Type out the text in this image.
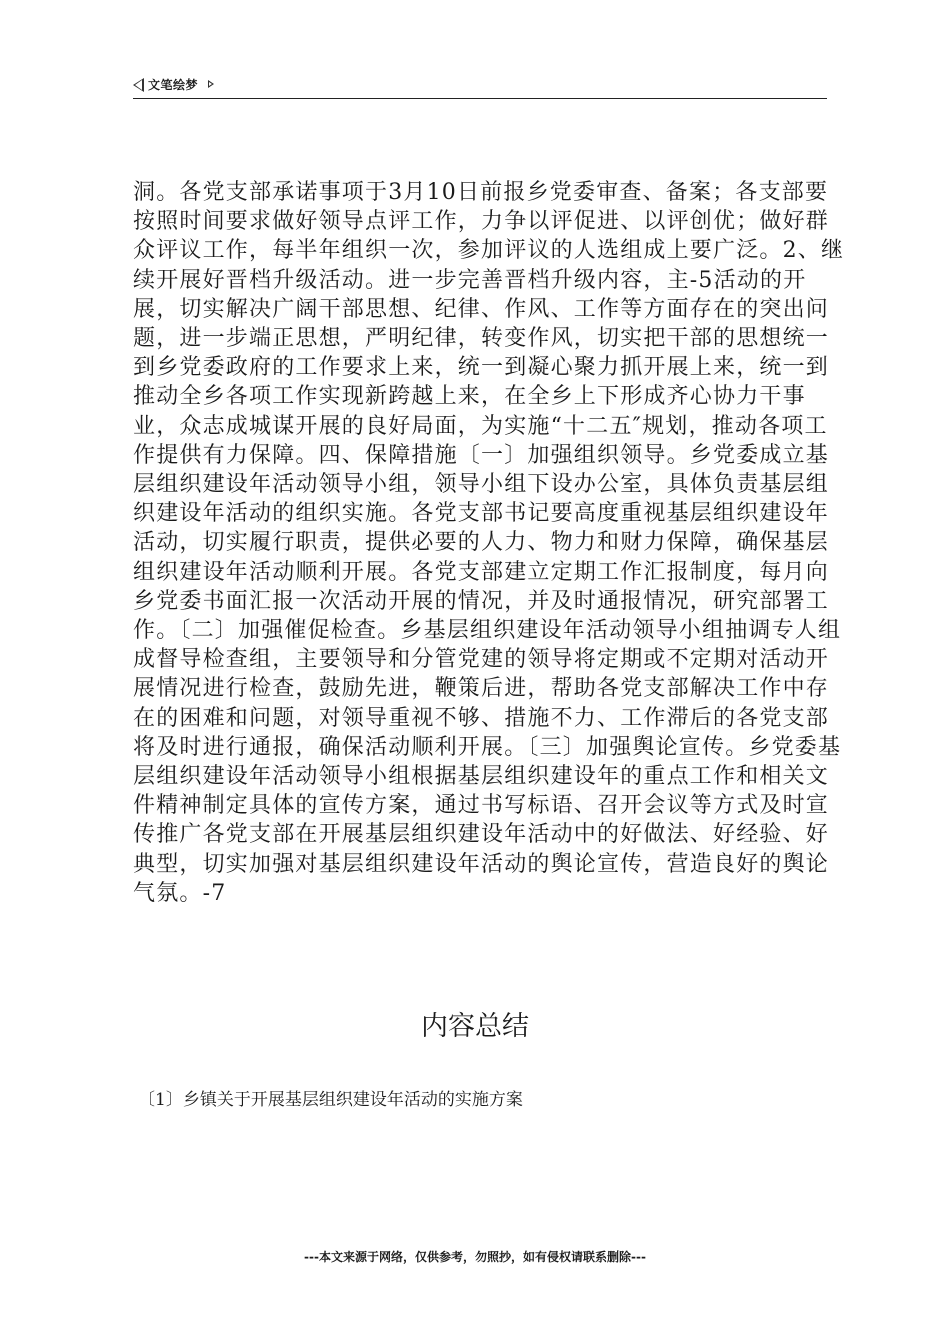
文笔绘梦

洞。各党支部承诺事项于3月10日前报乡党委审查、备案；各支部要按照时间要求做好领导点评工作，力争以评促进、以评创优；做好群众评议工作，每半年组织一次，参加评议的人选组成上要广泛。2、继续开展好晋档升级活动。进一步完善晋档升级内容，主-5活动的开展，切实解决广阔干部思想、纪律、作风、工作等方面存在的突出问题，进一步端正思想，严明纪律，转变作风，切实把干部的思想统一到乡党委政府的工作要求上来，统一到凝心聚力抓开展上来，统一到推动全乡各项工作实现新跨越上来，在全乡上下形成齐心协力干事业，众志成城谋开展的良好局面，为实施“十二五″规划，推动各项工作提供有力保障。四、保障措施〔一〕加强组织领导。乡党委成立基层组织建设年活动领导小组，领导小组下设办公室，具体负责基层组织建设年活动的组织实施。各党支部书记要高度重视基层组织建设年活动，切实履行职责，提供必要的人力、物力和财力保障，确保基层组织建设年活动顺利开展。各党支部建立定期工作汇报制度，每月向乡党委书面汇报一次活动开展的情况，并及时通报情况，研究部署工作。〔二〕加强催促检查。乡基层组织建设年活动领导小组抽调专人组成督导检查组，主要领导和分管党建的领导将定期或不定期对活动开展情况进行检查，鼓励先进，鞭策后进，帮助各党支部解决工作中存在的困难和问题，对领导重视不够、措施不力、工作滞后的各党支部将及时进行通报，确保活动顺利开展。〔三〕加强舆论宣传。乡党委基层组织建设年活动领导小组根据基层组织建设年的重点工作和相关文件精神制定具体的宣传方案，通过书写标语、召开会议等方式及时宣传推广各党支部在开展基层组织建设年活动中的好做法、好经验、好典型，切实加强对基层组织建设年活动的舆论宣传，营造良好的舆论气氛。-7

内容总结
〔1〕乡镇关于开展基层组织建设年活动的实施方案
---本文来源于网络，仅供参考，勿照抄，如有侵权请联系删除---
